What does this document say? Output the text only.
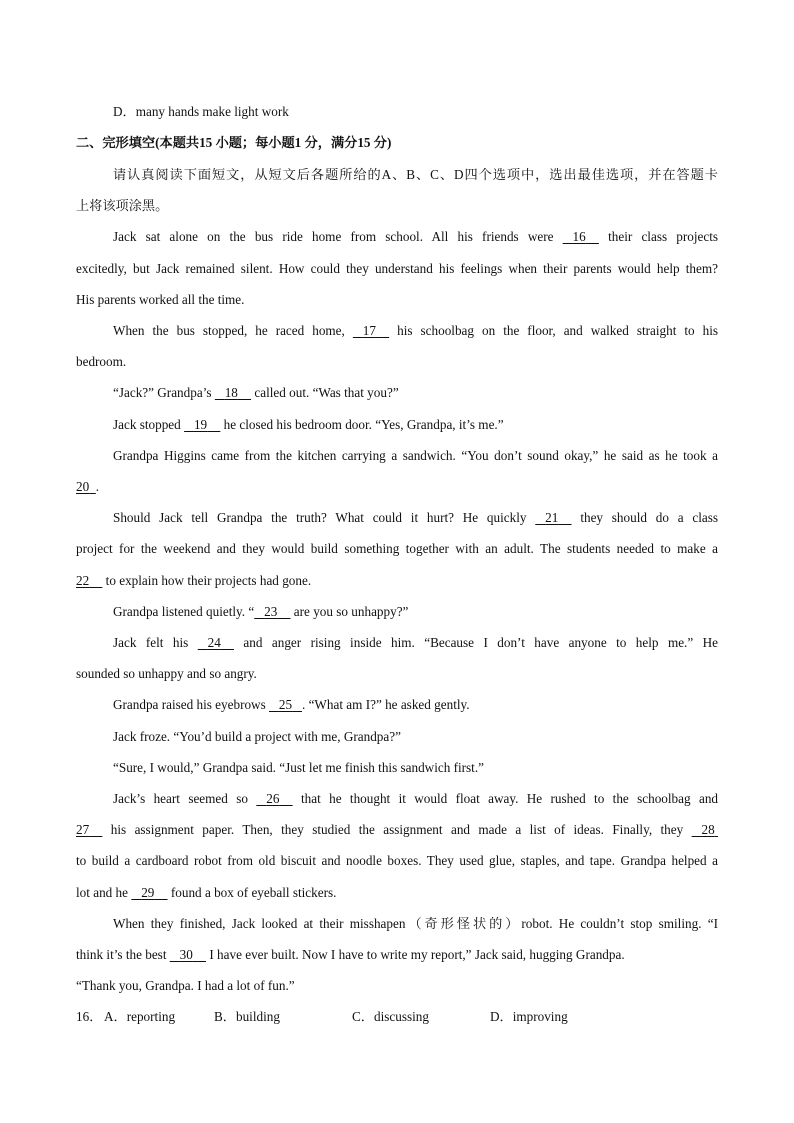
D．many hands make light work
二、完形填空(本题共15 小题；每小题1 分，满分15 分)
请认真阅读下面短文，从短文后各题所给的A、B、C、D四个选项中，选出最佳选项，并在答题卡
上将该项涂黑。
Jack sat alone on the bus ride home from school. All his friends were 16 their class projects
excitedly, but Jack remained silent. How could they understand his feelings when their parents would help them?
His parents worked all the time.
When the bus stopped, he raced home, 17 his schoolbag on the floor, and walked straight to his
bedroom.
“Jack?” Grandpa’s 18 called out. “Was that you?”
Jack stopped 19 he closed his bedroom door. “Yes, Grandpa, it’s me.”
Grandpa Higgins came from the kitchen carrying a sandwich. “You don’t sound okay,” he said as he took a
20 .
Should Jack tell Grandpa the truth? What could it hurt? He quickly 21 they should do a class
project for the weekend and they would build something together with an adult. The students needed to make a
22 to explain how their projects had gone.
Grandpa listened quietly. “ 23 are you so unhappy?”
Jack felt his 24 and anger rising inside him. “Because I don’t have anyone to help me.” He
sounded so unhappy and so angry.
Grandpa raised his eyebrows 25 . “What am I?” he asked gently.
Jack froze. “You’d build a project with me, Grandpa?”
“Sure, I would,” Grandpa said. “Just let me finish this sandwich first.”
Jack’s heart seemed so 26 that he thought it would float away. He rushed to the schoolbag and
27 his assignment paper. Then, they studied the assignment and made a list of ideas. Finally, they 28
to build a cardboard robot from old biscuit and noodle boxes. They used glue, staples, and tape. Grandpa helped a
lot and he 29 found a box of eyeball stickers.
When they finished, Jack looked at their misshapen（奇形怪状的）robot. He couldn’t stop smiling. “I
think it’s the best 30 I have ever built. Now I have to write my report,” Jack said, hugging Grandpa.
“Thank you, Grandpa. I had a lot of fun.”
16． A．reporting	B．building	C．discussing	D．improving
